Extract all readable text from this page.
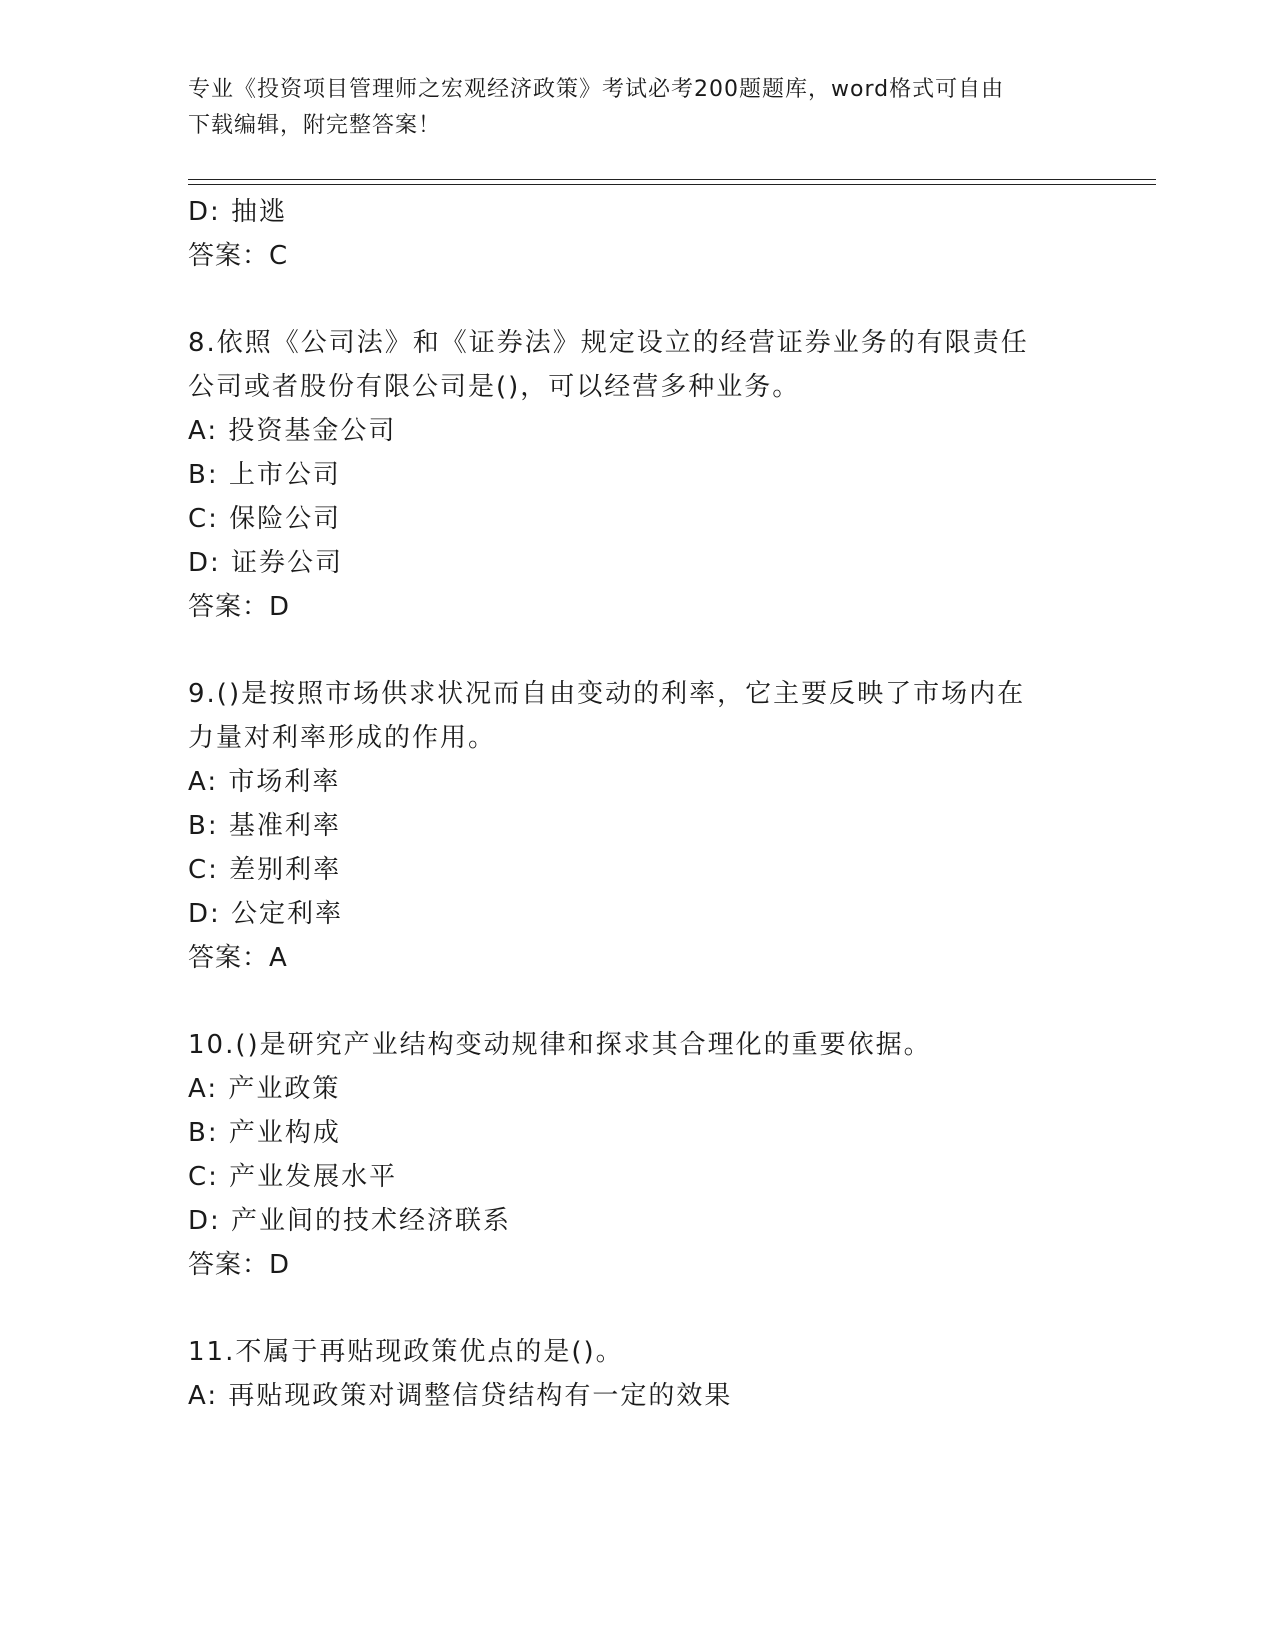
专业《投资项目管理师之宏观经济政策》考试必考200题题库，word格式可自由
下载编辑，附完整答案！
D: 抽逃
答案：C
8.依照《公司法》和《证券法》规定设立的经营证券业务的有限责任
公司或者股份有限公司是()，可以经营多种业务。
A: 投资基金公司
B: 上市公司
C: 保险公司
D: 证券公司
答案：D
9.()是按照市场供求状况而自由变动的利率，它主要反映了市场内在
力量对利率形成的作用。
A: 市场利率
B: 基准利率
C: 差别利率
D: 公定利率
答案：A
10.()是研究产业结构变动规律和探求其合理化的重要依据。
A: 产业政策
B: 产业构成
C: 产业发展水平
D: 产业间的技术经济联系
答案：D
11.不属于再贴现政策优点的是()。
A: 再贴现政策对调整信贷结构有一定的效果
